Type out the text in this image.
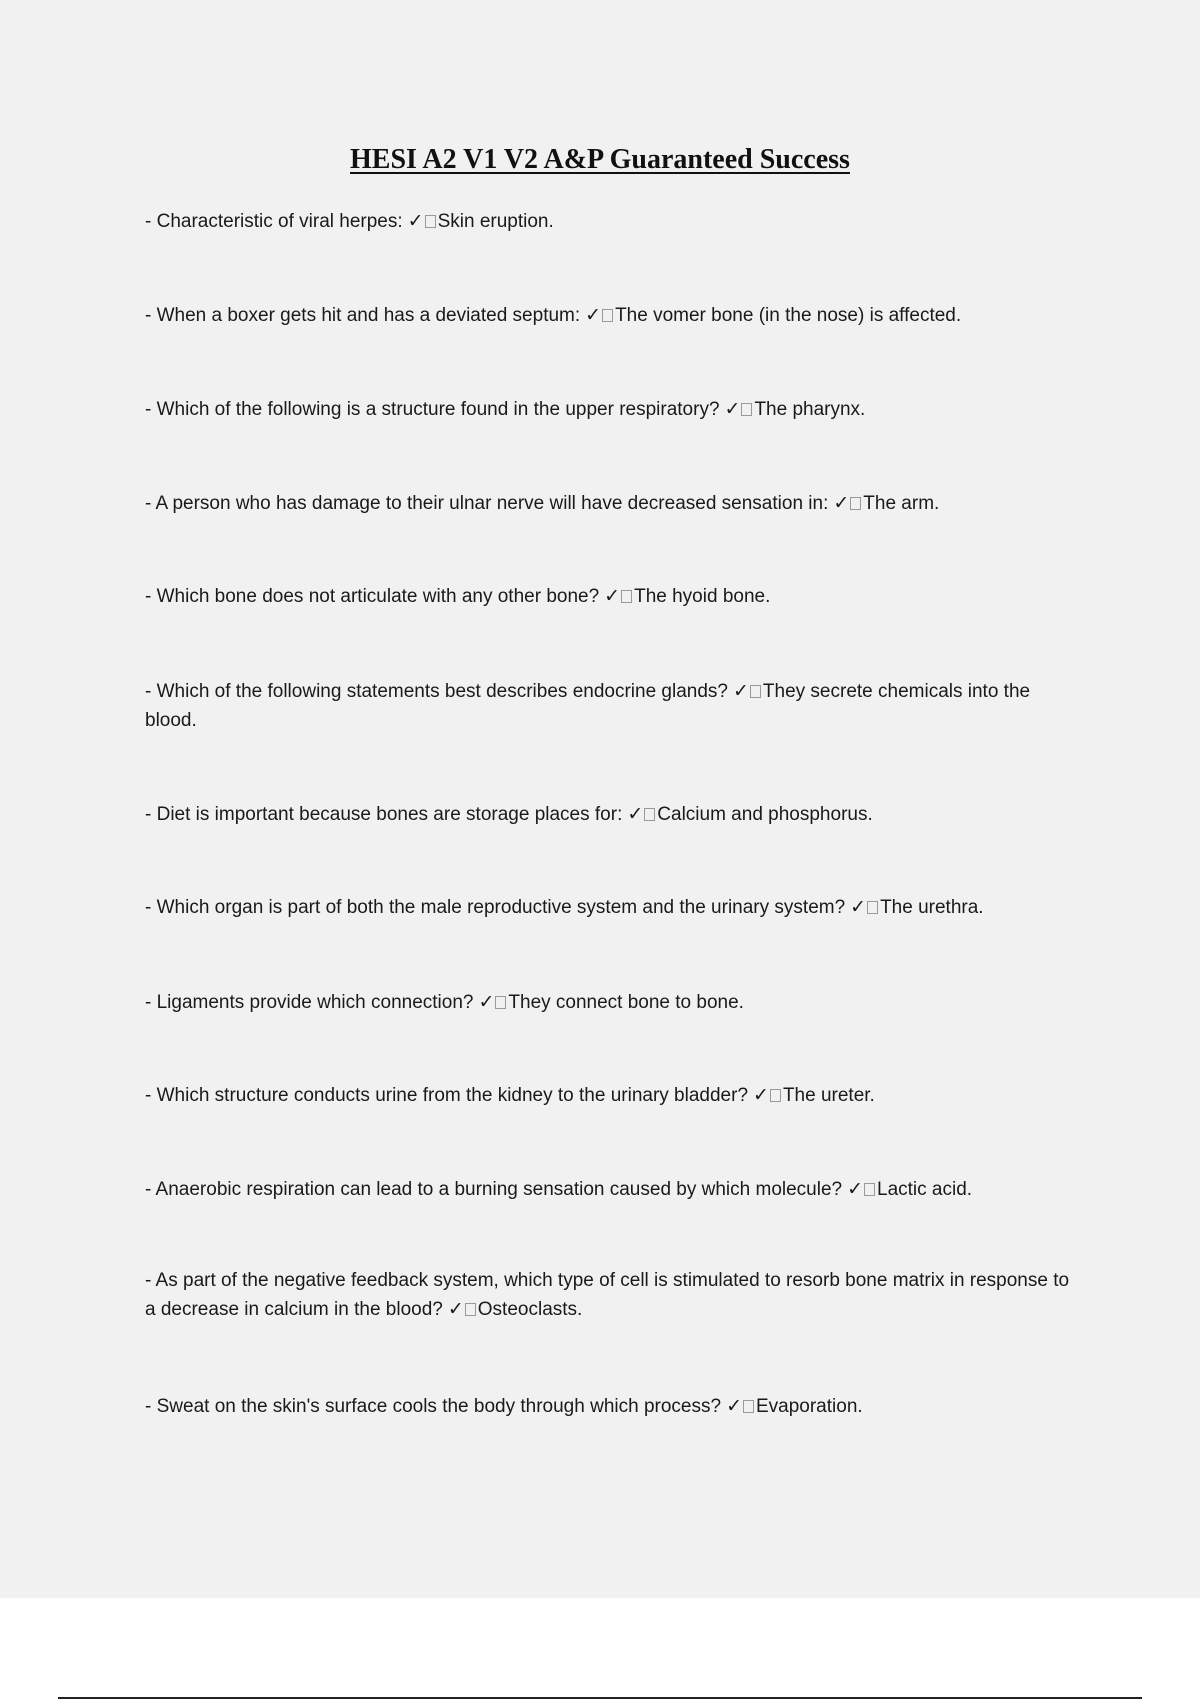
HESI A2 V1 V2 A&P Guaranteed Success
- Characteristic of viral herpes: ✓ Skin eruption.
- When a boxer gets hit and has a deviated septum: ✓ The vomer bone (in the nose) is affected.
- Which of the following is a structure found in the upper respiratory? ✓ The pharynx.
- A person who has damage to their ulnar nerve will have decreased sensation in: ✓ The arm.
- Which bone does not articulate with any other bone? ✓ The hyoid bone.
- Which of the following statements best describes endocrine glands? ✓ They secrete chemicals into the blood.
- Diet is important because bones are storage places for: ✓ Calcium and phosphorus.
- Which organ is part of both the male reproductive system and the urinary system? ✓ The urethra.
- Ligaments provide which connection? ✓ They connect bone to bone.
- Which structure conducts urine from the kidney to the urinary bladder? ✓ The ureter.
- Anaerobic respiration can lead to a burning sensation caused by which molecule? ✓ Lactic acid.
- As part of the negative feedback system, which type of cell is stimulated to resorb bone matrix in response to a decrease in calcium in the blood? ✓ Osteoclasts.
- Sweat on the skin's surface cools the body through which process? ✓ Evaporation.
